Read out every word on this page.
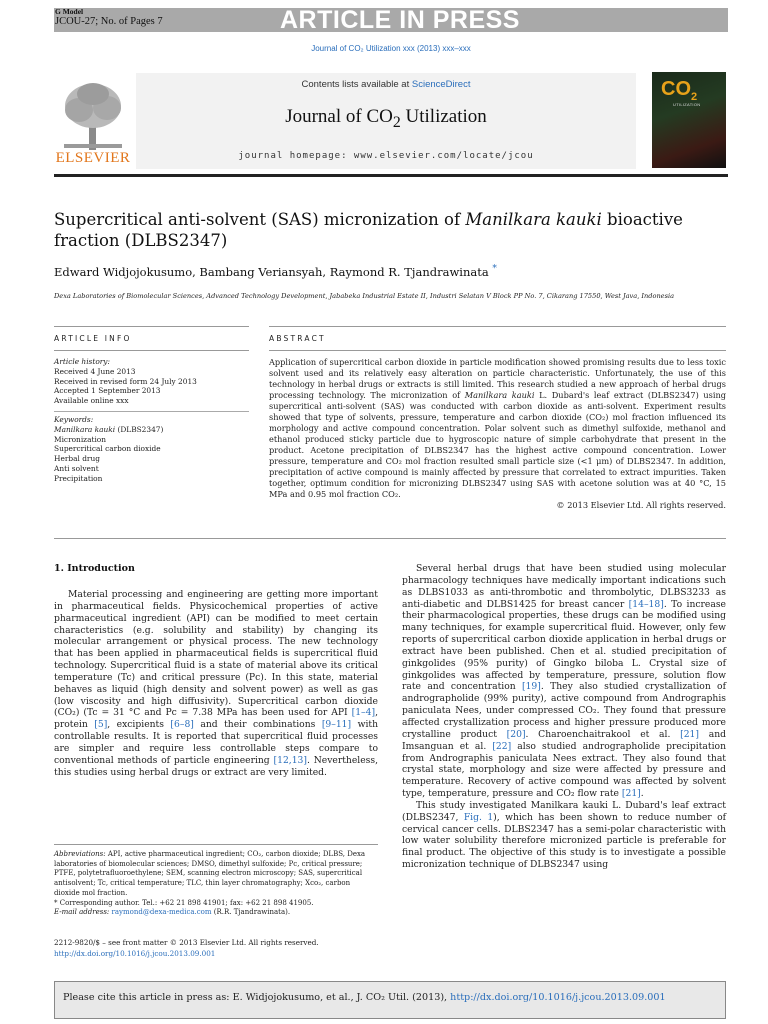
G Model
JCOU-27; No. of Pages 7	ARTICLE IN PRESS
Journal of CO₂ Utilization xxx (2013) xxx–xxx
Contents lists available at ScienceDirect
Journal of $CO_2$ Utilization
journal homepage: www.elsevier.com/locate/jcou
ELSEVIER
$CO_2$
UTILIZATION
Supercritical anti-solvent (SAS) micronization of Manilkara kauki bioactive fraction (DLBS2347)
Edward Widjojokusumo, Bambang Veriansyah, Raymond R. Tjandrawinata *
Dexa Laboratories of Biomolecular Sciences, Advanced Technology Development, Jababeka Industrial Estate II, Industri Selatan V Block PP No. 7, Cikarang 17550, West Java, Indonesia
ARTICLE INFO	ABSTRACT
Article history:
Received 4 June 2013
Received in revised form 24 July 2013
Accepted 1 September 2013
Available online xxx
Keywords:
Manilkara kauki (DLBS2347)
Micronization
Supercritical carbon dioxide
Herbal drug
Anti solvent
Precipitation
Application of supercritical carbon dioxide in particle modification showed promising results due to less toxic solvent used and its relatively easy alteration on particle characteristic. Unfortunately, the use of this technology in herbal drugs or extracts is still limited. This research studied a new approach of herbal drugs processing technology. The micronization of Manilkara kauki L. Dubard's leaf extract (DLBS2347) using supercritical anti-solvent (SAS) was conducted with carbon dioxide as anti-solvent. Experiment results showed that type of solvents, pressure, temperature and carbon dioxide (CO₂) mol fraction influenced its morphology and active compound concentration. Polar solvent such as dimethyl sulfoxide, methanol and ethanol produced sticky particle due to hygroscopic nature of simple carbohydrate that present in the product. Acetone precipitation of DLBS2347 has the highest active compound concentration. Lower pressure, temperature and CO₂ mol fraction resulted small particle size (<1 μm) of DLBS2347. In addition, precipitation of active compound is mainly affected by pressure that correlated to extract impurities. Taken together, optimum condition for micronizing DLBS2347 using SAS with acetone solution was at 40 °C, 15 MPa and 0.95 mol fraction CO₂.
© 2013 Elsevier Ltd. All rights reserved.
1. Introduction

Material processing and engineering are getting more important in pharmaceutical fields. Physicochemical properties of active pharmaceutical ingredient (API) can be modified to meet certain characteristics (e.g. solubility and stability) by changing its molecular arrangement or physical process. The new technology that has been applied in pharmaceutical fields is supercritical fluid technology. Supercritical fluid is a state of material above its critical temperature (Tc) and critical pressure (Pc). In this state, material behaves as liquid (high density and solvent power) as well as gas (low viscosity and high diffusivity). Supercritical carbon dioxide (CO₂) (Tc = 31 °C and Pc = 7.38 MPa has been used for API [1–4], protein [5], excipients [6–8] and their combinations [9–11] with controllable results. It is reported that supercritical fluid processes are simpler and require less controllable steps compare to conventional methods of particle engineering [12,13]. Nevertheless, this studies using herbal drugs or extract are very limited.

Several herbal drugs that have been studied using molecular pharmacology techniques have medically important indications such as DLBS1033 as anti-thrombotic and thrombolytic, DLBS3233 as anti-diabetic and DLBS1425 for breast cancer [14–18]. To increase their pharmacological properties, these drugs can be modified using many techniques, for example supercritical fluid. However, only few reports of supercritical carbon dioxide application in herbal drugs or extract have been published. Chen et al. studied precipitation of ginkgolides (95% purity) of Gingko biloba L. Crystal size of ginkgolides was affected by temperature, pressure, solution flow rate and concentration [19]. They also studied crystallization of andrographolide (99% purity), active compound from Andrographis paniculata Nees, under compressed CO₂. They found that pressure affected crystallization process and higher pressure produced more crystalline product [20]. Charoenchaitrakool et al. [21] and Imsanguan et al. [22] also studied andrographolide precipitation from Andrographis paniculata Nees extract. They also found that crystal state, morphology and size were affected by pressure and temperature. Recovery of active compound was affected by solvent type, temperature, pressure and CO₂ flow rate [21].

This study investigated Manilkara kauki L. Dubard's leaf extract (DLBS2347, Fig. 1), which has been shown to reduce number of cervical cancer cells. DLBS2347 has a semi-polar characteristic with low water solubility therefore micronized particle is preferable for final product. The objective of this study is to investigate a possible micronization technique of DLBS2347 using

Abbreviations: API, active pharmaceutical ingredient; CO₂, carbon dioxide; DLBS, Dexa laboratories of biomolecular sciences; DMSO, dimethyl sulfoxide; Pc, critical pressure; PTFE, polytetrafluoroethylene; SEM, scanning electron microscopy; SAS, supercritical antisolvent; Tc, critical temperature; TLC, thin layer chromatography; Xco₂, carbon dioxide mol fraction.
* Corresponding author. Tel.: +62 21 898 41901; fax: +62 21 898 41905.
E-mail address: raymond@dexa-medica.com (R.R. Tjandrawinata).
2212-9820/$ – see front matter © 2013 Elsevier Ltd. All rights reserved.
http://dx.doi.org/10.1016/j.jcou.2013.09.001
Please cite this article in press as: E. Widjojokusumo, et al., J. CO₂ Util. (2013), http://dx.doi.org/10.1016/j.jcou.2013.09.001
